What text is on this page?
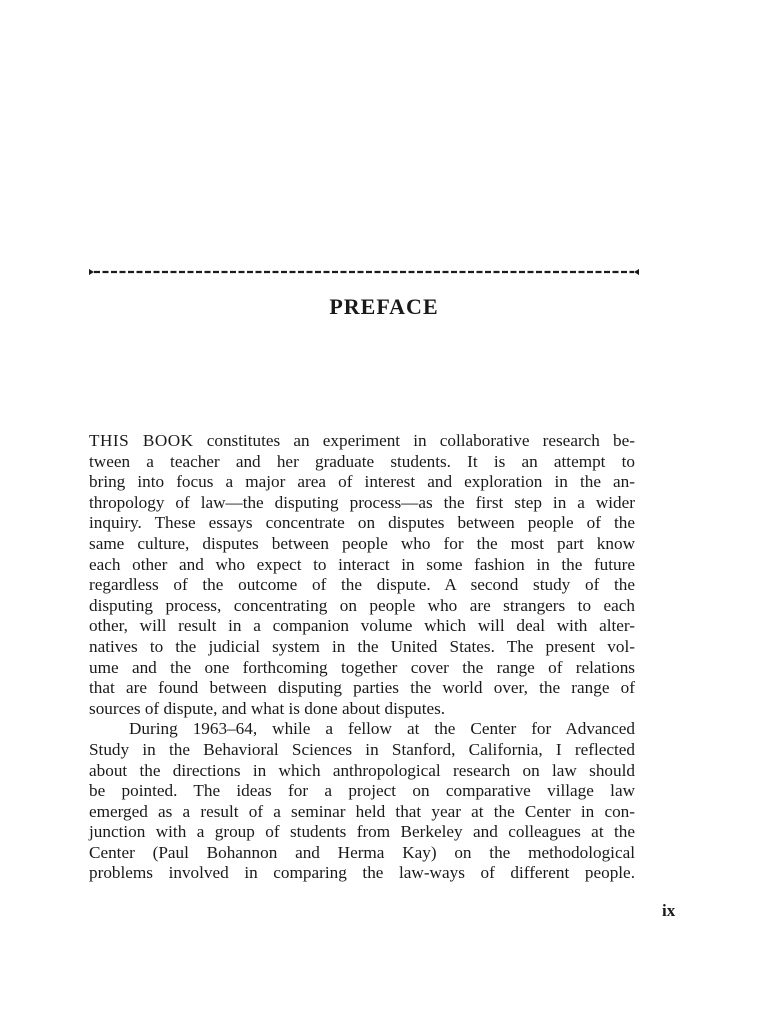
PREFACE
THIS BOOK constitutes an experiment in collaborative research be-
tween a teacher and her graduate students. It is an attempt to
bring into focus a major area of interest and exploration in the an-
thropology of law—the disputing process—as the first step in a wider
inquiry. These essays concentrate on disputes between people of the
same culture, disputes between people who for the most part know
each other and who expect to interact in some fashion in the future
regardless of the outcome of the dispute. A second study of the
disputing process, concentrating on people who are strangers to each
other, will result in a companion volume which will deal with alter-
natives to the judicial system in the United States. The present vol-
ume and the one forthcoming together cover the range of relations
that are found between disputing parties the world over, the range of
sources of dispute, and what is done about disputes.
During 1963–64, while a fellow at the Center for Advanced
Study in the Behavioral Sciences in Stanford, California, I reflected
about the directions in which anthropological research on law should
be pointed. The ideas for a project on comparative village law
emerged as a result of a seminar held that year at the Center in con-
junction with a group of students from Berkeley and colleagues at the
Center (Paul Bohannon and Herma Kay) on the methodological
problems involved in comparing the law-ways of different people.
ix
